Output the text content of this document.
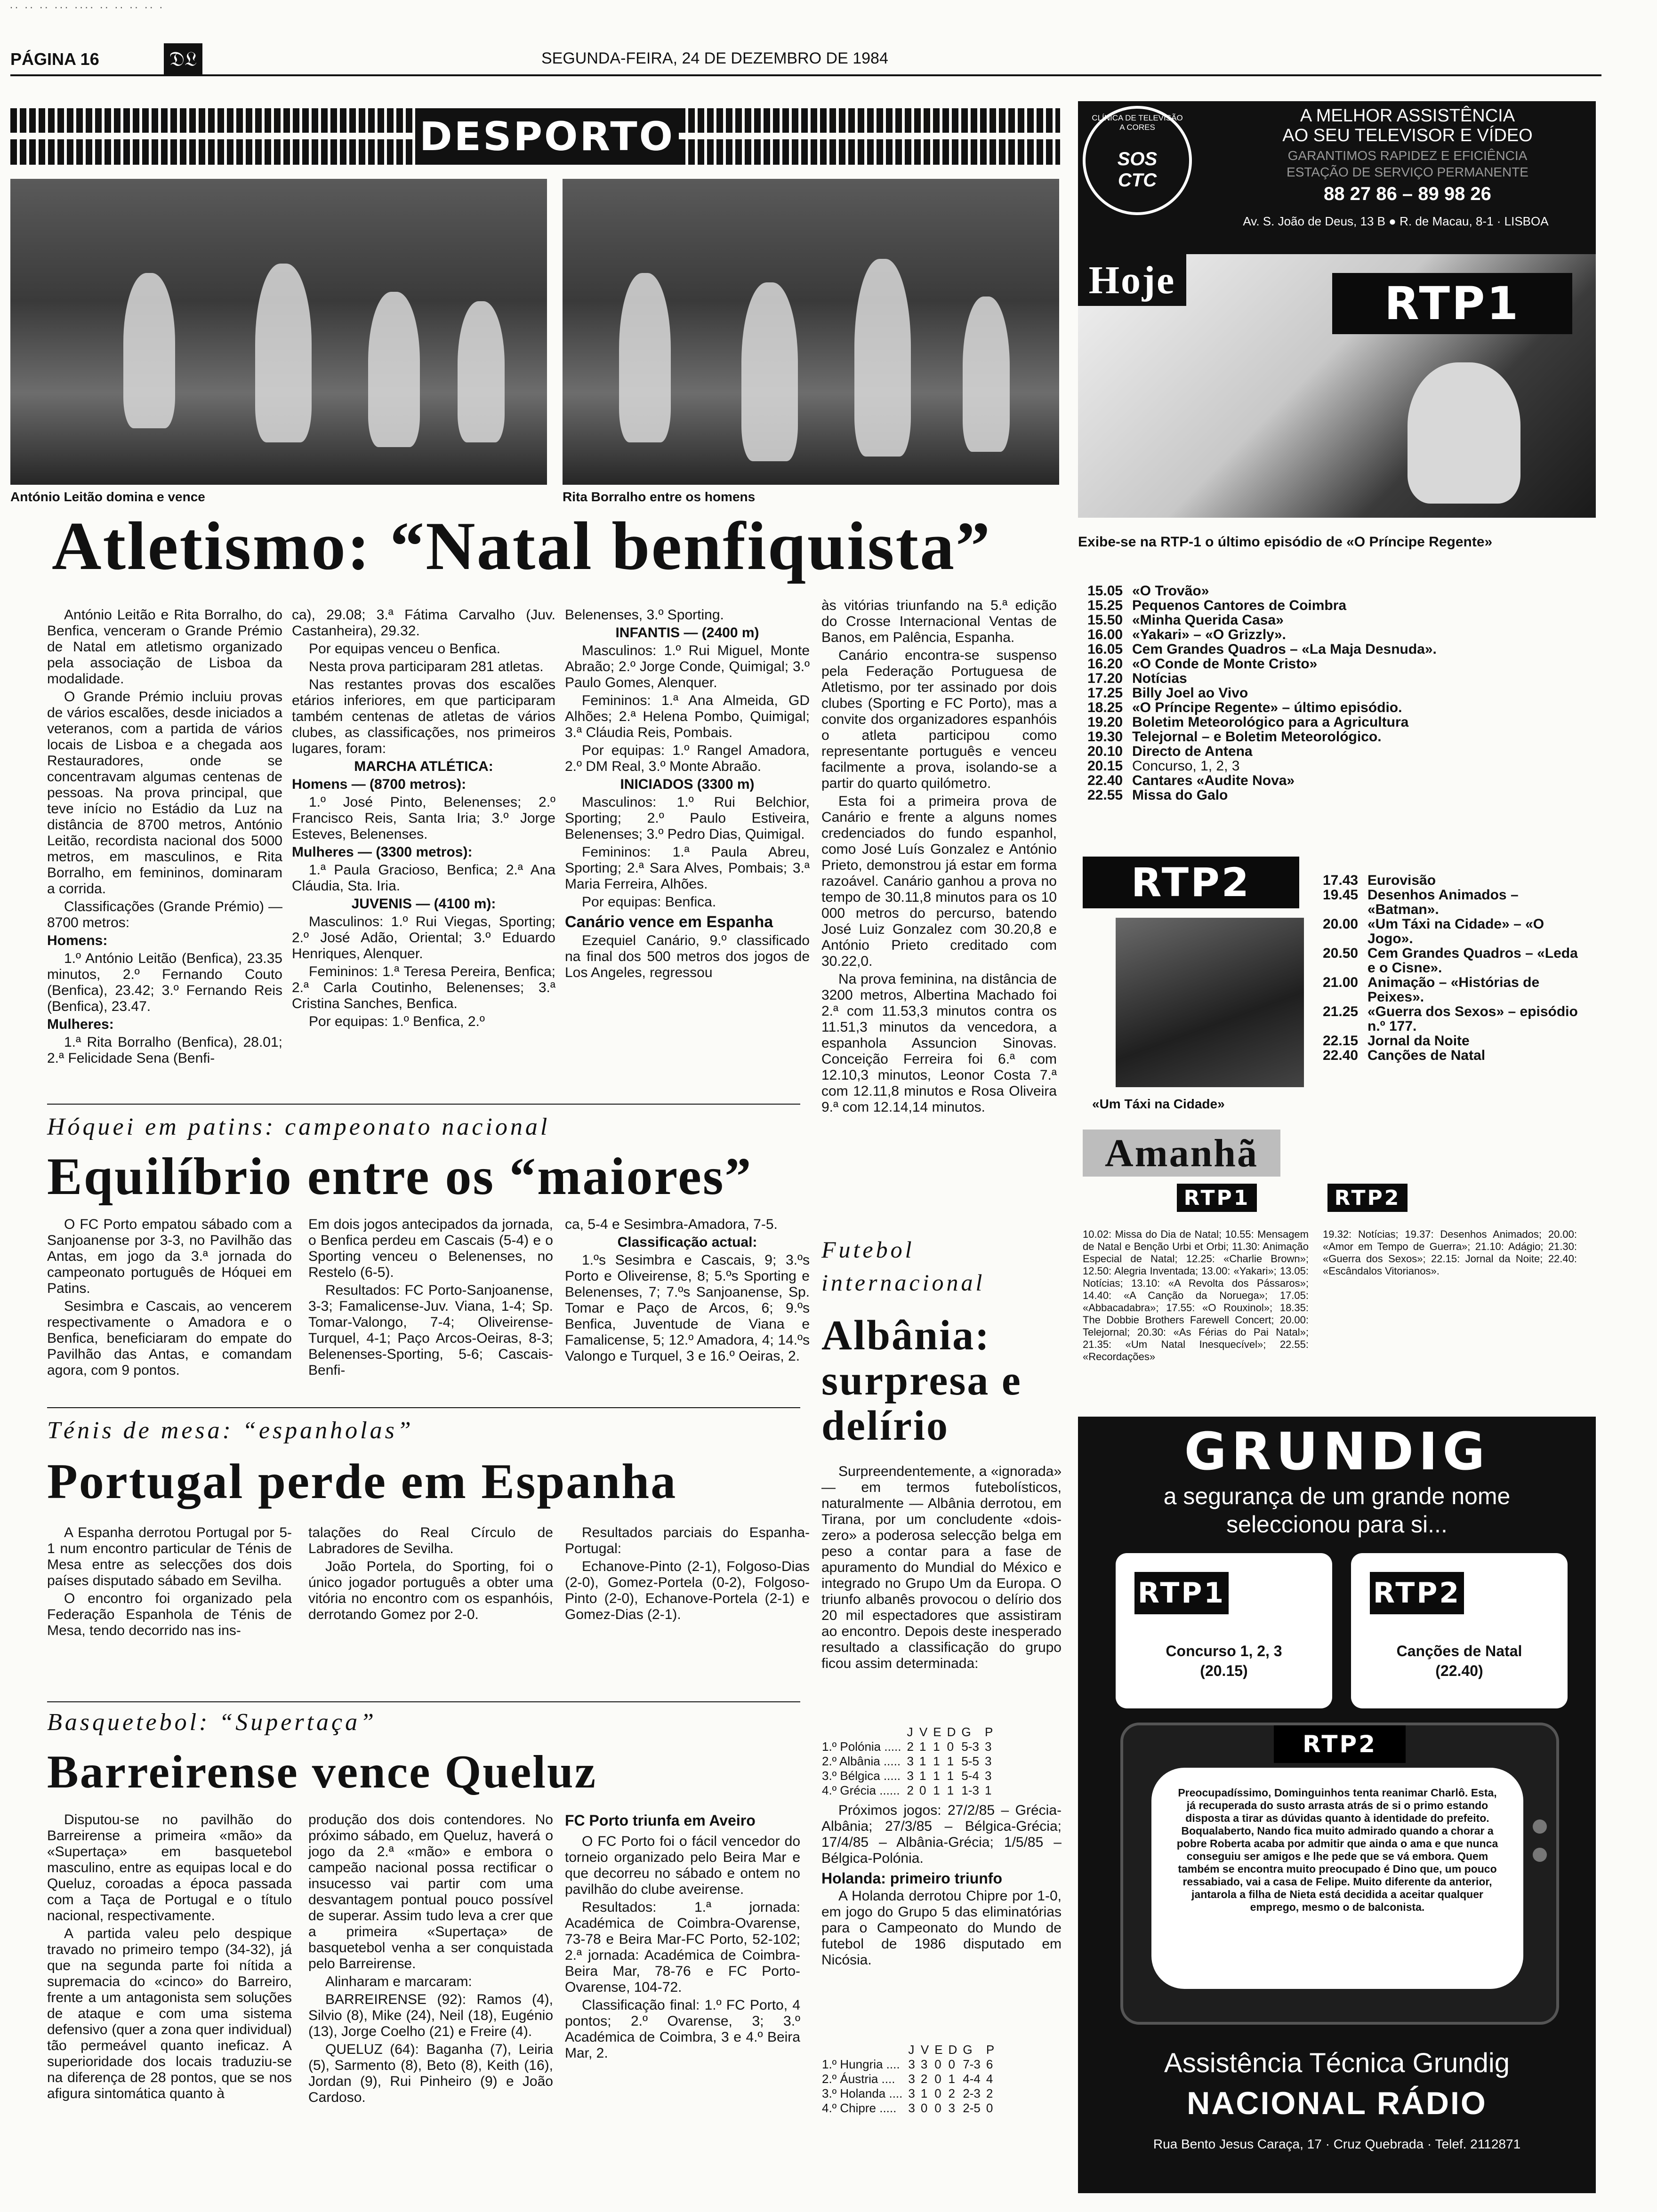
·· ·· ·· ··· ···· ·· ·· ·· ·· ·
PÁGINA 16	𝔇𝔏	SEGUNDA-FEIRA, 24 DE DEZEMBRO DE 1984
DESPORTO
António Leitão domina e vence	Rita Borralho entre os homens
Atletismo: “Natal benfiquista”

António Leitão e Rita Borralho, do Benfica, venceram o Grande Prémio de Natal em atletismo organizado pela associação de Lisboa da modalidade.

O Grande Prémio incluiu provas de vários escalões, desde iniciados a veteranos, com a partida de vários locais de Lisboa e a chegada aos Restauradores, onde se concentravam algumas centenas de pessoas. Na prova principal, que teve início no Estádio da Luz na distância de 8700 metros, António Leitão, recordista nacional dos 5000 metros, em masculinos, e Rita Borralho, em femininos, dominaram a corrida.

Classificações (Grande Prémio) — 8700 metros:

Homens:

1.º António Leitão (Benfica), 23.35 minutos, 2.º Fernando Couto (Benfica), 23.42; 3.º Fernando Reis (Benfica), 23.47.

Mulheres:

1.ª Rita Borralho (Benfica), 28.01; 2.ª Felicidade Sena (Benfi-

ca), 29.08; 3.ª Fátima Carvalho (Juv. Castanheira), 29.32.

Por equipas venceu o Benfica.

Nesta prova participaram 281 atletas.

Nas restantes provas dos escalões etários inferiores, em que participaram também centenas de atletas de vários clubes, as classificações, nos primeiros lugares, foram:

MARCHA ATLÉTICA:

Homens — (8700 metros):

1.º José Pinto, Belenenses; 2.º Francisco Reis, Santa Iria; 3.º Jorge Esteves, Belenenses.

Mulheres — (3300 metros):

1.ª Paula Gracioso, Benfica; 2.ª Ana Cláudia, Sta. Iria.

JUVENIS — (4100 m):

Masculinos: 1.º Rui Viegas, Sporting; 2.º José Adão, Oriental; 3.º Eduardo Henriques, Alenquer.

Femininos: 1.ª Teresa Pereira, Benfica; 2.ª Carla Coutinho, Belenenses; 3.ª Cristina Sanches, Benfica.

Por equipas: 1.º Benfica, 2.º

Belenenses, 3.º Sporting.

INFANTIS — (2400 m)

Masculinos: 1.º Rui Miguel, Monte Abraão; 2.º Jorge Conde, Quimigal; 3.º Paulo Gomes, Alenquer.

Femininos: 1.ª Ana Almeida, GD Alhões; 2.ª Helena Pombo, Quimigal; 3.ª Cláudia Reis, Pombais.

Por equipas: 1.º Rangel Amadora, 2.º DM Real, 3.º Monte Abraão.

INICIADOS (3300 m)

Masculinos: 1.º Rui Belchior, Sporting; 2.º Paulo Estiveira, Belenenses; 3.º Pedro Dias, Quimigal.

Femininos: 1.ª Paula Abreu, Sporting; 2.ª Sara Alves, Pombais; 3.ª Maria Ferreira, Alhões.

Por equipas: Benfica.

Canário vence em Espanha

Ezequiel Canário, 9.º classificado na final dos 500 metros dos jogos de Los Angeles, regressou

às vitórias triunfando na 5.ª edição do Crosse Internacional Ventas de Banos, em Palência, Espanha.

Canário encontra-se suspenso pela Federação Portuguesa de Atletismo, por ter assinado por dois clubes (Sporting e FC Porto), mas a convite dos organizadores espanhóis o atleta participou como representante português e venceu facilmente a prova, isolando-se a partir do quarto quilómetro.

Esta foi a primeira prova de Canário e frente a alguns nomes credenciados do fundo espanhol, como José Luís Gonzalez e António Prieto, demonstrou já estar em forma razoável. Canário ganhou a prova no tempo de 30.11,8 minutos para os 10 000 metros do percurso, batendo José Luiz Gonzalez com 30.20,8 e António Prieto creditado com 30.22,0.

Na prova feminina, na distância de 3200 metros, Albertina Machado foi 2.ª com 11.53,3 minutos contra os 11.51,3 minutos da vencedora, a espanhola Assuncion Sinovas. Conceição Ferreira foi 6.ª com 12.10,3 minutos, Leonor Costa 7.ª com 12.11,8 minutos e Rosa Oliveira 9.ª com 12.14,14 minutos.

Hóquei em patins: campeonato nacional
Equilíbrio entre os “maiores”

O FC Porto empatou sábado com a Sanjoanense por 3-3, no Pavilhão das Antas, em jogo da 3.ª jornada do campeonato português de Hóquei em Patins.

Sesimbra e Cascais, ao vencerem respectivamente o Amadora e o Benfica, beneficiaram do empate do Pavilhão das Antas, e comandam agora, com 9 pontos.

Em dois jogos antecipados da jornada, o Benfica perdeu em Cascais (5-4) e o Sporting venceu o Belenenses, no Restelo (6-5).

Resultados: FC Porto-Sanjoanense, 3-3; Famalicense-Juv. Viana, 1-4; Sp. Tomar-Valongo, 7-4; Oliveirense-Turquel, 4-1; Paço Arcos-Oeiras, 8-3; Belenenses-Sporting, 5-6; Cascais-Benfi-

ca, 5-4 e Sesimbra-Amadora, 7-5.

Classificação actual:

1.ºs Sesimbra e Cascais, 9; 3.ºs Porto e Oliveirense, 8; 5.ºs Sporting e Belenenses, 7; 7.ºs Sanjoanense, Sp. Tomar e Paço de Arcos, 6; 9.ºs Benfica, Juventude de Viana e Famalicense, 5; 12.º Amadora, 4; 14.ºs Valongo e Turquel, 3 e 16.º Oeiras, 2.

Ténis de mesa: “espanholas”
Portugal perde em Espanha

A Espanha derrotou Portugal por 5-1 num encontro particular de Ténis de Mesa entre as selecções dos dois países disputado sábado em Sevilha.

O encontro foi organizado pela Federação Espanhola de Ténis de Mesa, tendo decorrido nas ins-

talações do Real Círculo de Labradores de Sevilha.

João Portela, do Sporting, foi o único jogador português a obter uma vitória no encontro com os espanhóis, derrotando Gomez por 2-0.

Resultados parciais do Espanha-Portugal:

Echanove-Pinto (2-1), Folgoso-Dias (2-0), Gomez-Portela (0-2), Folgoso-Pinto (2-0), Echanove-Portela (2-1) e Gomez-Dias (2-1).

Futebol internacional
Albânia: surpresa e delírio

Surpreendentemente, a «ignorada» — em termos futebolísticos, naturalmente — Albânia derrotou, em Tirana, por um concludente «dois-zero» a poderosa selecção belga em peso a contar para a fase de apuramento do Mundial do México e integrado no Grupo Um da Europa. O triunfo albanês provocou o delírio dos 20 mil espectadores que assistiram ao encontro. Depois deste inesperado resultado a classificação do grupo ficou assim determinada:

	J	V	E	D	G	P
1.º Polónia .....	2	1	1	0	5-3	3
2.º Albânia .....	3	1	1	1	5-5	3
3.º Bélgica .....	3	1	1	1	5-4	3
4.º Grécia ......	2	0	1	1	1-3	1

Próximos jogos: 27/2/85 – Grécia-Albânia; 27/3/85 – Bélgica-Grécia; 17/4/85 – Albânia-Grécia; 1/5/85 – Bélgica-Polónia.

Holanda: primeiro triunfo

A Holanda derrotou Chipre por 1-0, em jogo do Grupo 5 das eliminatórias para o Campeonato do Mundo de futebol de 1986 disputado em Nicósia.

	J	V	E	D	G	P
1.º Hungria ....	3	3	0	0	7-3	6
2.º Áustria ....	3	2	0	1	4-4	4
3.º Holanda ....	3	1	0	2	2-3	2
4.º Chipre .....	3	0	0	3	2-5	0
Basquetebol: “Supertaça”
Barreirense vence Queluz

Disputou-se no pavilhão do Barreirense a primeira «mão» da «Supertaça» em basquetebol masculino, entre as equipas local e do Queluz, coroadas a época passada com a Taça de Portugal e o título nacional, respectivamente.

A partida valeu pelo despique travado no primeiro tempo (34-32), já que na segunda parte foi nítida a supremacia do «cinco» do Barreiro, frente a um antagonista sem soluções de ataque e com uma sistema defensivo (quer a zona quer individual) tão permeável quanto ineficaz. A superioridade dos locais traduziu-se na diferença de 28 pontos, que se nos afigura sintomática quanto à

produção dos dois contendores. No próximo sábado, em Queluz, haverá o jogo da 2.ª «mão» e embora o campeão nacional possa rectificar o insucesso vai partir com uma desvantagem pontual pouco possível de superar. Assim tudo leva a crer que a primeira «Supertaça» de basquetebol venha a ser conquistada pelo Barreirense.

Alinharam e marcaram:

BARREIRENSE (92): Ramos (4), Silvio (8), Mike (24), Neil (18), Eugénio (13), Jorge Coelho (21) e Freire (4).

QUELUZ (64): Baganha (7), Leiria (5), Sarmento (8), Beto (8), Keith (16), Jordan (9), Rui Pinheiro (9) e João Cardoso.

FC Porto triunfa em Aveiro

O FC Porto foi o fácil vencedor do torneio organizado pelo Beira Mar e que decorreu no sábado e ontem no pavilhão do clube aveirense.

Resultados: 1.ª jornada: Académica de Coimbra-Ovarense, 73-78 e Beira Mar-FC Porto, 52-102; 2.ª jornada: Académica de Coimbra-Beira Mar, 78-76 e FC Porto-Ovarense, 104-72.

Classificação final: 1.º FC Porto, 4 pontos; 2.º Ovarense, 3; 3.º Académica de Coimbra, 3 e 4.º Beira Mar, 2.

CLÍNICA DE TELEVISÃO A CORES
SOS CTC
A MELHOR ASSISTÊNCIA
AO SEU TELEVISOR E VÍDEO
GARANTIMOS RAPIDEZ E EFICIÊNCIA
ESTAÇÃO DE SERVIÇO PERMANENTE
88 27 86 – 89 98 26
Av. S. João de Deus, 13 B ● R. de Macau, 8-1 · LISBOA
Hoje	RTP1
Exibe-se na RTP-1 o último episódio de «O Príncipe Regente»
15.05 «O Trovão»
15.25 Pequenos Cantores de Coimbra
15.50 «Minha Querida Casa»
16.00 «Yakari» – «O Grizzly».
16.05 Cem Grandes Quadros – «La Maja Desnuda».
16.20 «O Conde de Monte Cristo»
17.20 Notícias
17.25 Billy Joel ao Vivo
18.25 «O Príncipe Regente» – último episódio.
19.20 Boletim Meteorológico para a Agricultura
19.30 Telejornal – e Boletim Meteorológico.
20.10 Directo de Antena
20.15 Concurso, 1, 2, 3
22.40 Cantares «Audite Nova»
22.55 Missa do Galo
RTP2
«Um Táxi na Cidade»
17.43 Eurovisão
19.45 Desenhos Animados – «Batman».
20.00 «Um Táxi na Cidade» – «O Jogo».
20.50 Cem Grandes Quadros – «Leda e o Cisne».
21.00 Animação – «Histórias de Peixes».
21.25 «Guerra dos Sexos» – episódio n.º 177.
22.15 Jornal da Noite
22.40 Canções de Natal
Amanhã
RTP1	RTP2
10.02: Missa do Dia de Natal; 10.55: Mensagem de Natal e Benção Urbi et Orbi; 11.30: Animação Especial de Natal; 12.25: «Charlie Brown»; 12.50: Alegria Inventada; 13.00: «Yakari»; 13.05: Notícias; 13.10: «A Revolta dos Pássaros»; 14.40: «A Canção da Noruega»; 17.05: «Abbacadabra»; 17.55: «O Rouxinol»; 18.35: The Dobbie Brothers Farewell Concert; 20.00: Telejornal; 20.30: «As Férias do Pai Natal»; 21.35: «Um Natal Inesquecível»; 22.55: «Recordações»
19.32: Notícias; 19.37: Desenhos Animados; 20.00: «Amor em Tempo de Guerra»; 21.10: Adágio; 21.30: «Guerra dos Sexos»; 22.15: Jornal da Noite; 22.40: «Escândalos Vitorianos».
GRUNDIG
a segurança de um grande nome
seleccionou para si...
RTP1
Concurso 1, 2, 3
(20.15)
RTP2
Canções de Natal
(22.40)
RTP2
Preocupadíssimo, Dominguinhos tenta reanimar Charlô. Esta, já recuperada do susto arrasta atrás de si o primo estando disposta a tirar as dúvidas quanto à identidade do prefeito. Boqualaberto, Nando fica muito admirado quando a chorar a pobre Roberta acaba por admitir que ainda o ama e que nunca conseguiu ser amigos e lhe pede que se vá embora. Quem também se encontra muito preocupado é Dino que, um pouco ressabiado, vai a casa de Felipe. Muito diferente da anterior, jantarola a filha de Nieta está decidida a aceitar qualquer emprego, mesmo o de balconista.
Assistência Técnica Grundig
NACIONAL RÁDIO
Rua Bento Jesus Caraça, 17 · Cruz Quebrada · Telef. 2112871
